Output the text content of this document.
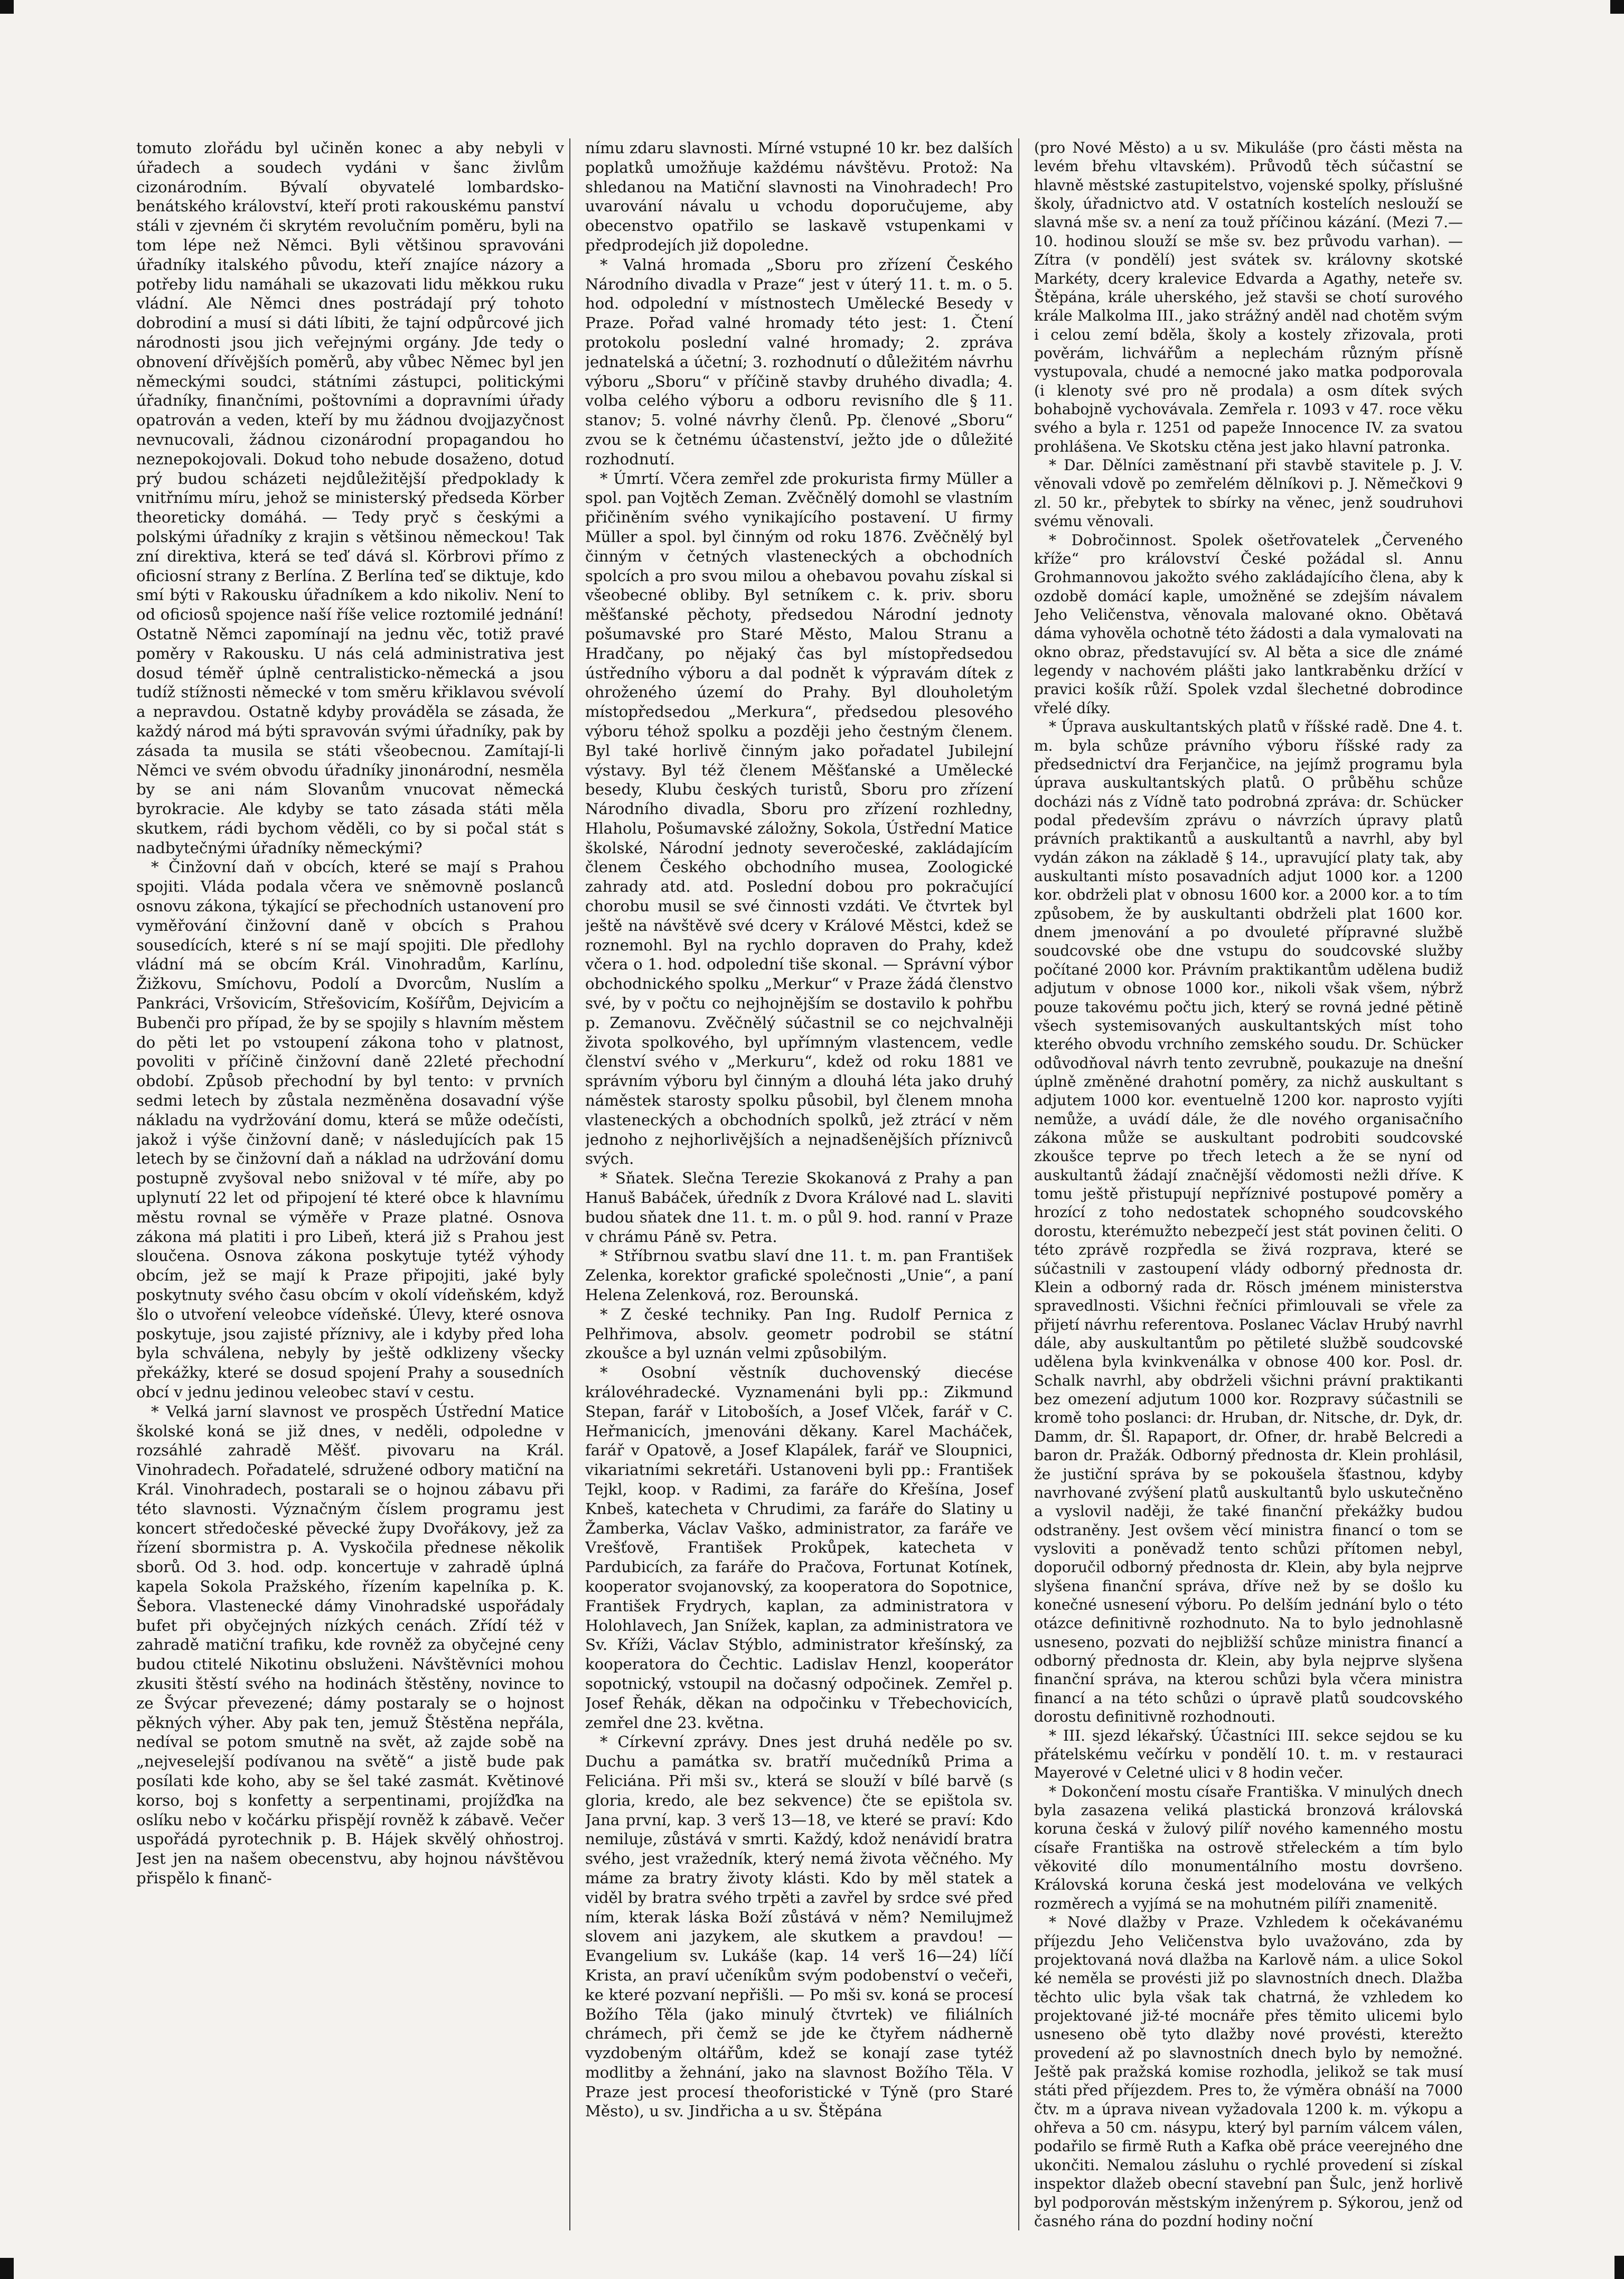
tomuto zlořádu byl učiněn konec a aby nebyli v úřadech a soudech vydáni v šanc živlům cizonárodním. Bývalí obyvatelé lombardsko-benátského království, kteří proti rakouskému panství stáli v zjevném či skrytém revolučním poměru, byli na tom lépe než Němci. Byli většinou spravováni úřadníky italského původu, kteří znajíce názory a potřeby lidu namáhali se ukazovati lidu měkkou ruku vládní. Ale Němci dnes postrádají prý tohoto dobrodiní a musí si dáti líbiti, že tajní odpůrcové jich národnosti jsou jich veřejnými orgány. Jde tedy o obnovení dřívějších poměrů, aby vůbec Němec byl jen německými soudci, státními zástupci, politickými úřadníky, finančními, poštovními a dopravními úřady opatrován a veden, kteří by mu žádnou dvojjazyčnost nevnucovali, žádnou cizonárodní propagandou ho neznepokojovali. Dokud toho nebude dosaženo, dotud prý budou scházeti nejdůležitější předpoklady k vnitřnímu míru, jehož se ministerský předseda Körber theoreticky domáhá. — Tedy pryč s českými a polskými úřadníky z krajin s většinou německou! Tak zní direktiva, která se teď dává sl. Körbrovi přímo z oficiosní strany z Berlína. Z Berlína teď se diktuje, kdo smí býti v Rakousku úřadníkem a kdo nikoliv. Není to od oficiosů spojence naší říše velice roztomilé jednání! Ostatně Němci zapomínají na jednu věc, totiž pravé poměry v Rakousku. U nás celá administrativa jest dosud téměř úplně centralisticko-německá a jsou tudíž stížnosti německé v tom směru křiklavou svévolí a nepravdou. Ostatně kdyby prováděla se zásada, že každý národ má býti spravován svými úřadníky, pak by zásada ta musila se státi všeobecnou. Zamítají-li Němci ve svém obvodu úřadníky jinonárodní, nesměla by se ani nám Slovanům vnucovat německá byrokracie. Ale kdyby se tato zásada státi měla skutkem, rádi bychom věděli, co by si počal stát s nadbytečnými úřadníky německými?

* Činžovní daň v obcích, které se mají s Prahou spojiti. Vláda podala včera ve sněmovně poslanců osnovu zákona, týkající se přechodních ustanovení pro vyměřování činžovní daně v obcích s Prahou sousedících, které s ní se mají spojiti. Dle předlohy vládní má se obcím Král. Vinohradům, Karlínu, Žižkovu, Smíchovu, Podolí a Dvorcům, Nuslím a Pankráci, Vršovicím, Střešovicím, Košířům, Dejvicím a Bubenči pro případ, že by se spojily s hlavním městem do pěti let po vstoupení zákona toho v platnost, povoliti v příčině činžovní daně 22leté přechodní období. Způsob přechodní by byl tento: v prvních sedmi letech by zůstala nezměněna dosavadní výše nákladu na vydržování domu, která se může odečísti, jakož i výše činžovní daně; v následujících pak 15 letech by se činžovní daň a náklad na udržování domu postupně zvyšoval nebo snižoval v té míře, aby po uplynutí 22 let od připojení té které obce k hlavnímu městu rovnal se výměře v Praze platné. Osnova zákona má platiti i pro Libeň, která již s Prahou jest sloučena. Osnova zákona poskytuje tytéž výhody obcím, jež se mají k Praze připojiti, jaké byly poskytnuty svého času obcím v okolí vídeňském, když šlo o utvoření veleobce vídeňské. Úlevy, které osnova poskytuje, jsou zajisté příznivy, ale i kdyby před loha byla schválena, nebyly by ještě odklizeny všecky překážky, které se dosud spojení Prahy a sousedních obcí v jednu jedinou veleobec staví v cestu.

* Velká jarní slavnost ve prospěch Ústřední Matice školské koná se již dnes, v neděli, odpoledne v rozsáhlé zahradě Měšť. pivovaru na Král. Vinohradech. Pořadatelé, sdružené odbory matiční na Král. Vinohradech, postarali se o hojnou zábavu při této slavnosti. Význačným číslem programu jest koncert středočeské pěvecké župy Dvořákovy, jež za řízení sbormistra p. A. Vyskočila přednese několik sborů. Od 3. hod. odp. koncertuje v zahradě úplná kapela Sokola Pražského, řízením kapelníka p. K. Šebora. Vlastenecké dámy Vinohradské uspořádaly bufet při obyčejných nízkých cenách. Zřídí též v zahradě matiční trafiku, kde rovněž za obyčejné ceny budou ctitelé Nikotinu obsluženi. Návštěvníci mohou zkusiti štěstí svého na hodinách štěstěny, novince to ze Švýcar převezené; dámy postaraly se o hojnost pěkných výher. Aby pak ten, jemuž Štěstěna nepřála, nedíval se potom smutně na svět, až zajde sobě na „nejveselejší podívanou na světě“ a jistě bude pak posílati kde koho, aby se šel také zasmát. Květinové korso, boj s konfetty a serpentinami, projížďka na oslíku nebo v kočárku přispějí rovněž k zábavě. Večer uspořádá pyrotechnik p. B. Hájek skvělý ohňostroj. Jest jen na našem obecenstvu, aby hojnou návštěvou přispělo k finanč-

nímu zdaru slavnosti. Mírné vstupné 10 kr. bez dalších poplatků umožňuje každému návštěvu. Protož: Na shledanou na Matiční slavnosti na Vinohradech! Pro uvarování návalu u vchodu doporučujeme, aby obecenstvo opatřilo se laskavě vstupenkami v předprodejích již dopoledne.

* Valná hromada „Sboru pro zřízení Českého Národního divadla v Praze“ jest v úterý 11. t. m. o 5. hod. odpolední v místnostech Umělecké Besedy v Praze. Pořad valné hromady této jest: 1. Čtení protokolu poslední valné hromady; 2. zpráva jednatelská a účetní; 3. rozhodnutí o důležitém návrhu výboru „Sboru“ v příčině stavby druhého divadla; 4. volba celého výboru a odboru revisního dle § 11. stanov; 5. volné návrhy členů. Pp. členové „Sboru“ zvou se k četnému účastenství, ježto jde o důležité rozhodnutí.

* Úmrtí. Včera zemřel zde prokurista firmy Müller a spol. pan Vojtěch Zeman. Zvěčnělý domohl se vlastním přičiněním svého vynikajícího postavení. U firmy Müller a spol. byl činným od roku 1876. Zvěčnělý byl činným v četných vlasteneckých a obchodních spolcích a pro svou milou a ohebavou povahu získal si všeobecné obliby. Byl setníkem c. k. priv. sboru měšťanské pěchoty, předsedou Národní jednoty pošumavské pro Staré Město, Malou Stranu a Hradčany, po nějaký čas byl místopředsedou ústředního výboru a dal podnět k výpravám dítek z ohroženého území do Prahy. Byl dlouholetým místopředsedou „Merkura“, předsedou plesového výboru téhož spolku a později jeho čestným členem. Byl také horlivě činným jako pořadatel Jubilejní výstavy. Byl též členem Měšťanské a Umělecké besedy, Klubu českých turistů, Sboru pro zřízení Národního divadla, Sboru pro zřízení rozhledny, Hlaholu, Pošumavské záložny, Sokola, Ústřední Matice školské, Národní jednoty severočeské, zakládajícím členem Českého obchodního musea, Zoologické zahrady atd. atd. Poslední dobou pro pokračující chorobu musil se své činnosti vzdáti. Ve čtvrtek byl ještě na návštěvě své dcery v Králové Městci, kdež se roznemohl. Byl na rychlo dopraven do Prahy, kdež včera o 1. hod. odpolední tiše skonal. — Správní výbor obchodnického spolku „Merkur“ v Praze žádá členstvo své, by v počtu co nejhojnějším se dostavilo k pohřbu p. Zemanovu. Zvěčnělý súčastnil se co nejchvalněji života spolkového, byl upřímným vlastencem, vedle členství svého v „Merkuru“, kdež od roku 1881 ve správním výboru byl činným a dlouhá léta jako druhý náměstek starosty spolku působil, byl členem mnoha vlasteneckých a obchodních spolků, jež ztrácí v něm jednoho z nejhorlivějších a nejnadšenějších příznivců svých.

* Sňatek. Slečna Terezie Skokanová z Prahy a pan Hanuš Babáček, úředník z Dvora Králové nad L. slaviti budou sňatek dne 11. t. m. o půl 9. hod. ranní v Praze v chrámu Páně sv. Petra.

* Stříbrnou svatbu slaví dne 11. t. m. pan František Zelenka, korektor grafické společnosti „Unie“, a paní Helena Zelenková, roz. Berounská.

* Z české techniky. Pan Ing. Rudolf Pernica z Pelhřimova, absolv. geometr podrobil se státní zkoušce a byl uznán velmi způsobilým.

* Osobní věstník duchovenský diecése královéhradecké. Vyznamenáni byli pp.: Zikmund Stepan, farář v Litoboších, a Josef Vlček, farář v C. Heřmanicích, jmenováni děkany. Karel Macháček, farář v Opatově, a Josef Klapálek, farář ve Sloupnici, vikariatními sekretáři. Ustanoveni byli pp.: František Tejkl, koop. v Radimi, za faráře do Křešína, Josef Knbeš, katecheta v Chrudimi, za faráře do Slatiny u Žamberka, Václav Vaško, administrator, za faráře ve Vrešťově, František Prokůpek, katecheta v Pardubicích, za faráře do Pračova, Fortunat Kotínek, kooperator svojanovský, za kooperatora do Sopotnice, František Frydrych, kaplan, za administratora v Holohlavech, Jan Snížek, kaplan, za administratora ve Sv. Kříži, Václav Stýblo, administrator křešínský, za kooperatora do Čechtic. Ladislav Henzl, kooperátor sopotnický, vstoupil na dočasný odpočinek. Zemřel p. Josef Řehák, děkan na odpočinku v Třebechovicích, zemřel dne 23. května.

* Církevní zprávy. Dnes jest druhá neděle po sv. Duchu a památka sv. bratří mučedníků Prima a Feliciána. Při mši sv., která se slouží v bílé barvě (s gloria, kredo, ale bez sekvence) čte se epištola sv. Jana první, kap. 3 verš 13—18, ve které se praví: Kdo nemiluje, zůstává v smrti. Každý, kdož nenávidí bratra svého, jest vražedník, který nemá života věčného. My máme za bratry životy klásti. Kdo by měl statek a viděl by bratra svého trpěti a zavřel by srdce své před ním, kterak láska Boží zůstává v něm? Nemilujmež slovem ani jazykem, ale skutkem a pravdou! — Evangelium sv. Lukáše (kap. 14 verš 16—24) líčí Krista, an praví učeníkům svým podobenství o večeři, ke které pozvaní nepřišli. — Po mši sv. koná se procesí Božího Těla (jako minulý čtvrtek) ve filiálních chrámech, při čemž se jde ke čtyřem nádherně vyzdobeným oltářům, kdež se konají zase tytéž modlitby a žehnání, jako na slavnost Božího Těla. V Praze jest procesí theoforistické v Týně (pro Staré Město), u sv. Jindřicha a u sv. Štěpána

(pro Nové Město) a u sv. Mikuláše (pro části města na levém břehu vltavském). Průvodů těch súčastní se hlavně městské zastupitelstvo, vojenské spolky, příslušné školy, úřadnictvo atd. V ostatních kostelích neslouží se slavná mše sv. a není za touž příčinou kázání. (Mezi 7.—10. hodinou slouží se mše sv. bez průvodu varhan). — Zítra (v pondělí) jest svátek sv. královny skotské Markéty, dcery kralevice Edvarda a Agathy, neteře sv. Štěpána, krále uherského, jež stavši se chotí surového krále Malkolma III., jako strážný anděl nad chotěm svým i celou zemí bděla, školy a kostely zřizovala, proti pověrám, lichvářům a neplechám různým přísně vystupovala, chudé a nemocné jako matka podporovala (i klenoty své pro ně prodala) a osm dítek svých bohabojně vychovávala. Zemřela r. 1093 v 47. roce věku svého a byla r. 1251 od papeže Innocence IV. za svatou prohlášena. Ve Skotsku ctěna jest jako hlavní patronka.

* Dar. Dělníci zaměstnaní při stavbě stavitele p. J. V. věnovali vdově po zemřelém dělníkovi p. J. Němečkovi 9 zl. 50 kr., přebytek to sbírky na věnec, jenž soudruhovi svému věnovali.

* Dobročinnost. Spolek ošetřovatelek „Červeného kříže“ pro království České požádal sl. Annu Grohmannovou jakožto svého zakládajícího člena, aby k ozdobě domácí kaple, umožněné se zdejším návalem Jeho Veličenstva, věnovala malované okno. Obětavá dáma vyhověla ochotně této žádosti a dala vymalovati na okno obraz, představující sv. Al běta a sice dle známé legendy v nachovém plášti jako lantkraběnku držící v pravici košík růží. Spolek vzdal šlechetné dobrodince vřelé díky.

* Úprava auskultantských platů v říšské radě. Dne 4. t. m. byla schůze právního výboru říšské rady za předsednictví dra Ferjančice, na jejímž programu byla úprava auskultantských platů. O průběhu schůze docházi nás z Vídně tato podrobná zpráva: dr. Schücker podal především zprávu o návrzích úpravy platů právních praktikantů a auskultantů a navrhl, aby byl vydán zákon na základě § 14., upravující platy tak, aby auskultanti místo posavadních adjut 1000 kor. a 1200 kor. obdrželi plat v obnosu 1600 kor. a 2000 kor. a to tím způsobem, že by auskultanti obdrželi plat 1600 kor. dnem jmenování a po dvouleté přípravné službě soudcovské obe dne vstupu do soudcovské služby počítané 2000 kor. Právním praktikantům udělena budiž adjutum v obnose 1000 kor., nikoli však všem, nýbrž pouze takovému počtu jich, který se rovná jedné pětině všech systemisovaných auskultantských míst toho kterého obvodu vrchního zemského soudu. Dr. Schücker odůvodňoval návrh tento zevrubně, poukazuje na dnešní úplně změněné drahotní poměry, za nichž auskultant s adjutem 1000 kor. eventuelně 1200 kor. naprosto vyjíti nemůže, a uvádí dále, že dle nového organisačního zákona může se auskultant podrobiti soudcovské zkoušce teprve po třech letech a že se nyní od auskultantů žádají značnější vědomosti nežli dříve. K tomu ještě přistupují nepříznivé postupové poměry a hrozící z toho nedostatek schopného soudcovského dorostu, kterémužto nebezpečí jest stát povinen čeliti. O této zprávě rozpředla se živá rozprava, které se súčastnili v zastoupení vlády odborný přednosta dr. Klein a odborný rada dr. Rösch jménem ministerstva spravedlnosti. Všichni řečníci přimlouvali se vřele za přijetí návrhu referentova. Poslanec Václav Hrubý navrhl dále, aby auskultantům po pětileté službě soudcovské udělena byla kvinkvenálka v obnose 400 kor. Posl. dr. Schalk navrhl, aby obdrželi všichni právní praktikanti bez omezení adjutum 1000 kor. Rozpravy súčastnili se kromě toho poslanci: dr. Hruban, dr. Nitsche, dr. Dyk, dr. Damm, dr. Šl. Rapaport, dr. Ofner, dr. hrabě Belcredi a baron dr. Pražák. Odborný přednosta dr. Klein prohlásil, že justiční správa by se pokoušela šťastnou, kdyby navrhované zvýšení platů auskultantů bylo uskutečněno a vyslovil naději, že také finanční překážky budou odstraněny. Jest ovšem věcí ministra financí o tom se vysloviti a poněvadž tento schůzi přítomen nebyl, doporučil odborný přednosta dr. Klein, aby byla nejprve slyšena finanční správa, dříve než by se došlo ku konečné usnesení výboru. Po delším jednání bylo o této otázce definitivně rozhodnuto. Na to bylo jednohlasně usneseno, pozvati do nejbližší schůze ministra financí a odborný přednosta dr. Klein, aby byla nejprve slyšena finanční správa, na kterou schůzi byla včera ministra financí a na této schůzi o úpravě platů soudcovského dorostu definitivně rozhodnouti.

* III. sjezd lékařský. Účastníci III. sekce sejdou se ku přátelskému večírku v pondělí 10. t. m. v restauraci Mayerové v Celetné ulici v 8 hodin večer.

* Dokončení mostu císaře Františka. V minulých dnech byla zasazena veliká plastická bronzová královská koruna česká v žulový pilíř nového kamenného mostu císaře Františka na ostrově střeleckém a tím bylo věkovité dílo monumentálního mostu dovršeno. Královská koruna česká jest modelována ve velkých rozměrech a vyjímá se na mohutném pilíři znamenitě.

* Nové dlažby v Praze. Vzhledem k očekávanému příjezdu Jeho Veličenstva bylo uvažováno, zda by projektovaná nová dlažba na Karlově nám. a ulice Sokol ké neměla se provésti již po slavnostních dnech. Dlažba těchto ulic byla však tak chatrná, že vzhledem ko projektované již-té mocnáře přes těmito ulicemi bylo usneseno obě tyto dlažby nové provésti, kterežto provedení až po slavnostních dnech bylo by nemožné. Ještě pak pražská komise rozhodla, jelikož se tak musí státi před příjezdem. Pres to, že výměra obnáší na 7000 čtv. m a úprava nivean vyžadovala 1200 k. m. výkopu a ohřeva a 50 cm. násypu, který byl parním válcem válen, podařilo se firmě Ruth a Kafka obě práce veerejného dne ukončiti. Nemalou zásluhu o rychlé provedení si získal inspektor dlažeb obecní stavební pan Šulc, jenž horlivě byl podporován městským inženýrem p. Sýkorou, jenž od časného rána do pozdní hodiny noční
